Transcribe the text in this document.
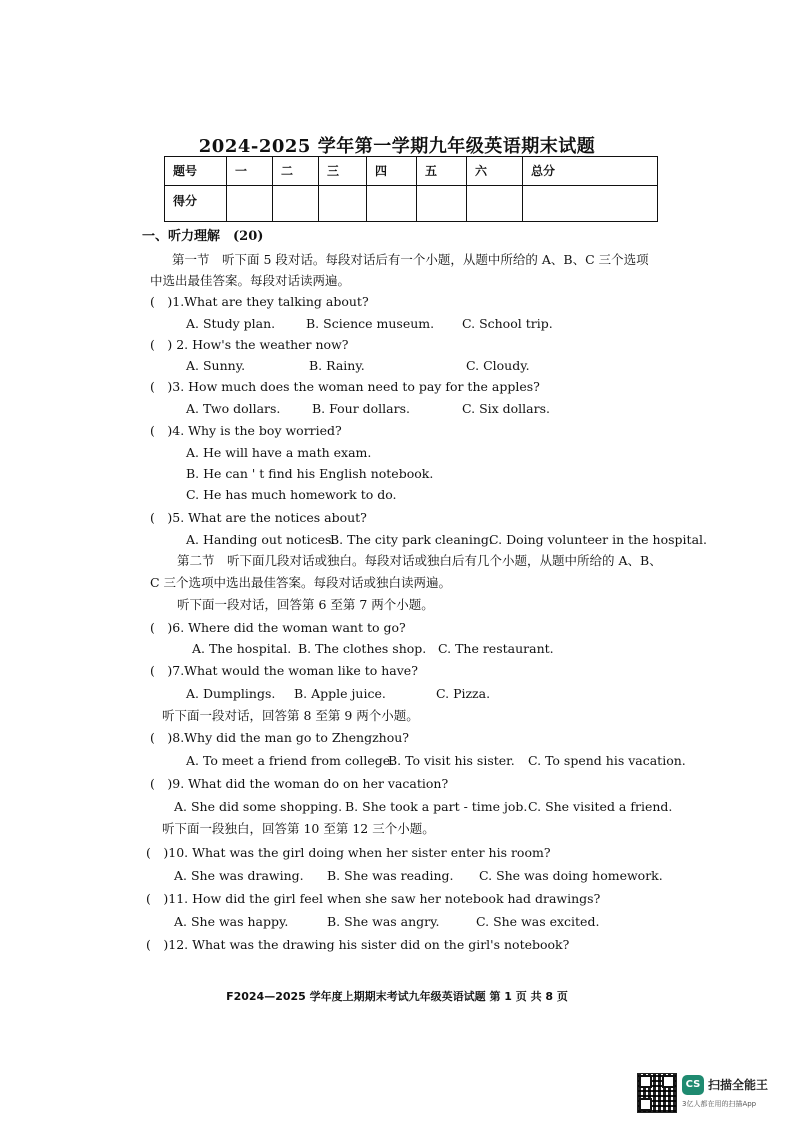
2024-2025 学年第一学期九年级英语期末试题
题号	一	二	三	四	五	六	总分
得分							
一、听力理解　(20)
第一节　听下面 5 段对话。每段对话后有一个小题，从题中所给的 A、B、C 三个选项
中选出最佳答案。每段对话读两遍。
(　)1.What are they talking about?
A. Study plan. B. Science museum. C. School trip.
(　) 2. How's the weather now?
A. Sunny.	B. Rainy.	C. Cloudy.
(　)3. How much does the woman need to pay for the apples?
A. Two dollars.	B. Four dollars.	C. Six dollars.
(　)4. Why is the boy worried?
A. He will have a math exam.
B. He can ' t find his English notebook.
C. He has much homework to do.
(　)5. What are the notices about?
A. Handing out notices.
B. The city park cleaning.
C. Doing volunteer in the hospital.
第二节　听下面几段对话或独白。每段对话或独白后有几个小题，从题中所给的 A、B、
C 三个选项中选出最佳答案。每段对话或独白读两遍。
听下面一段对话，回答第 6 至第 7 两个小题。
(　)6. Where did the woman want to go?
A. The hospital. B. The clothes shop. C. The restaurant.
(　)7.What would the woman like to have?
A. Dumplings. B. Apple juice.	C. Pizza.
听下面一段对话，回答第 8 至第 9 两个小题。
(　)8.Why did the man go to Zhengzhou?
A. To meet a friend from college.
B. To visit his sister. C. To spend his vacation.
(　)9. What did the woman do on her vacation?
A. She did some shopping. B. She took a part - time job. C. She visited a friend.
听下面一段独白，回答第 10 至第 12 三个小题。
(　)10. What was the girl doing when her sister enter his room?
A. She was drawing. B. She was reading. C. She was doing homework.
(　)11. How did the girl feel when she saw her notebook had drawings?
A. She was happy.	B. She was angry.	C. She was excited.
(　)12. What was the drawing his sister did on the girl's notebook?
F2024—2025 学年度上期期末考试九年级英语试题 第 1 页 共 8 页
CS 扫描全能王
3亿人都在用的扫描App
